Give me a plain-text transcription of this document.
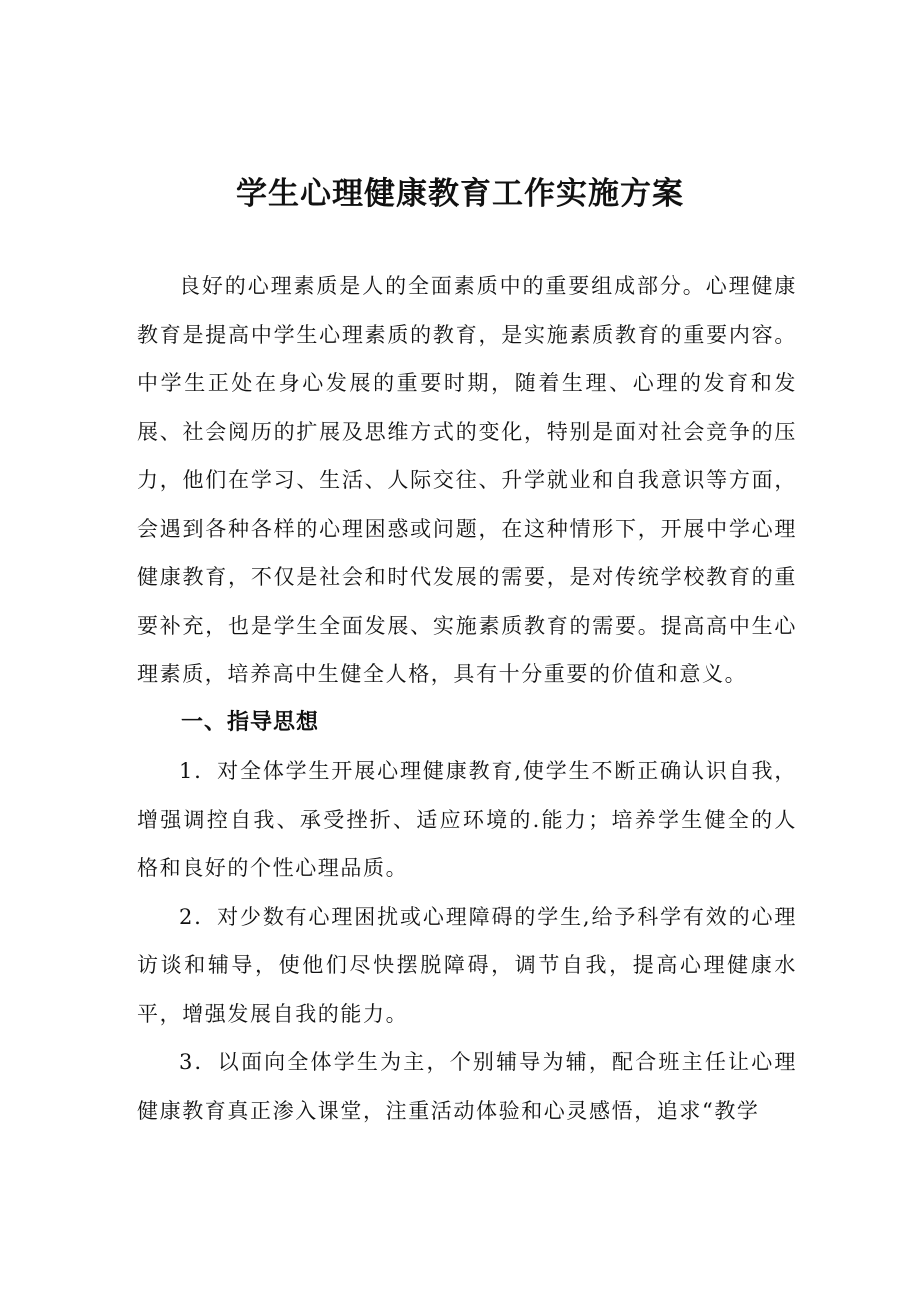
学生心理健康教育工作实施方案

良好的心理素质是人的全面素质中的重要组成部分。心理健康教育是提高中学生心理素质的教育，是实施素质教育的重要内容。中学生正处在身心发展的重要时期，随着生理、心理的发育和发展、社会阅历的扩展及思维方式的变化，特别是面对社会竞争的压力，他们在学习、生活、人际交往、升学就业和自我意识等方面，会遇到各种各样的心理困惑或问题，在这种情形下，开展中学心理健康教育，不仅是社会和时代发展的需要，是对传统学校教育的重要补充，也是学生全面发展、实施素质教育的需要。提高高中生心理素质，培养高中生健全人格，具有十分重要的价值和意义。

一、指导思想

1．对全体学生开展心理健康教育,使学生不断正确认识自我，增强调控自我、承受挫折、适应环境的.能力；培养学生健全的人格和良好的个性心理品质。

2．对少数有心理困扰或心理障碍的学生,给予科学有效的心理访谈和辅导，使他们尽快摆脱障碍，调节自我，提高心理健康水平，增强发展自我的能力。

3．以面向全体学生为主，个别辅导为辅，配合班主任让心理健康教育真正渗入课堂，注重活动体验和心灵感悟，追求“教学
